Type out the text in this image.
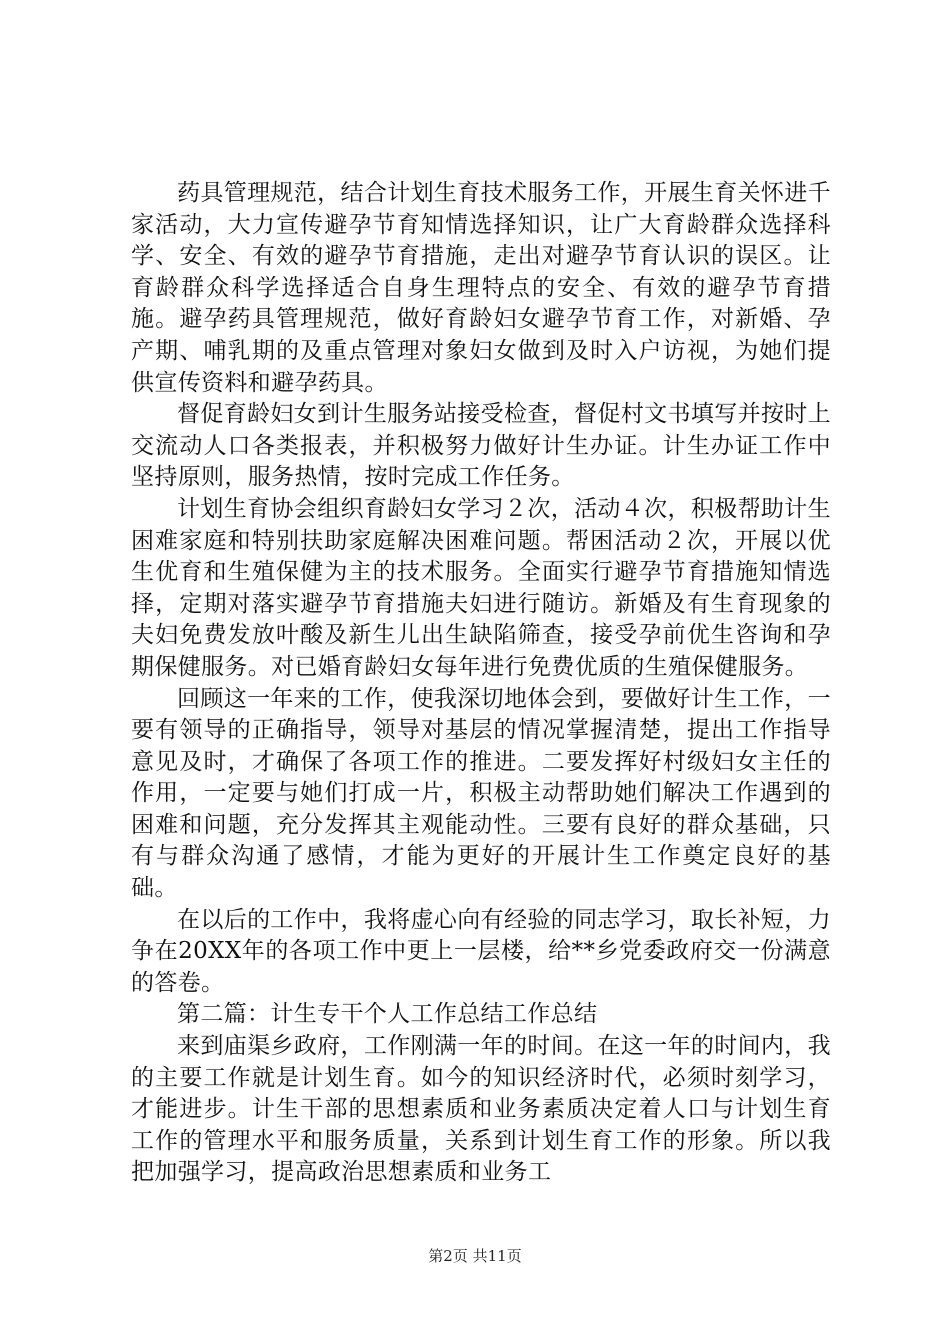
药具管理规范，结合计划生育技术服务工作，开展生育关怀进千家活动，大力宣传避孕节育知情选择知识，让广大育龄群众选择科学、安全、有效的避孕节育措施，走出对避孕节育认识的误区。让育龄群众科学选择适合自身生理特点的安全、有效的避孕节育措施。避孕药具管理规范，做好育龄妇女避孕节育工作，对新婚、孕产期、哺乳期的及重点管理对象妇女做到及时入户访视，为她们提供宣传资料和避孕药具。

督促育龄妇女到计生服务站接受检查，督促村文书填写并按时上交流动人口各类报表，并积极努力做好计生办证。计生办证工作中坚持原则，服务热情，按时完成工作任务。

计划生育协会组织育龄妇女学习２次，活动４次，积极帮助计生困难家庭和特别扶助家庭解决困难问题。帮困活动２次，开展以优生优育和生殖保健为主的技术服务。全面实行避孕节育措施知情选择，定期对落实避孕节育措施夫妇进行随访。新婚及有生育现象的夫妇免费发放叶酸及新生儿出生缺陷筛查，接受孕前优生咨询和孕期保健服务。对已婚育龄妇女每年进行免费优质的生殖保健服务。

回顾这一年来的工作，使我深切地体会到，要做好计生工作，一要有领导的正确指导，领导对基层的情况掌握清楚，提出工作指导意见及时，才确保了各项工作的推进。二要发挥好村级妇女主任的作用，一定要与她们打成一片，积极主动帮助她们解决工作遇到的困难和问题，充分发挥其主观能动性。三要有良好的群众基础，只有与群众沟通了感情，才能为更好的开展计生工作奠定良好的基础。

在以后的工作中，我将虚心向有经验的同志学习，取长补短，力争在20XX年的各项工作中更上一层楼，给**乡党委政府交一份满意的答卷。

第二篇：计生专干个人工作总结工作总结

来到庙渠乡政府，工作刚满一年的时间。在这一年的时间内，我的主要工作就是计划生育。如今的知识经济时代，必须时刻学习，才能进步。计生干部的思想素质和业务素质决定着人口与计划生育工作的管理水平和服务质量，关系到计划生育工作的形象。所以我把加强学习，提高政治思想素质和业务工

第2页 共11页
